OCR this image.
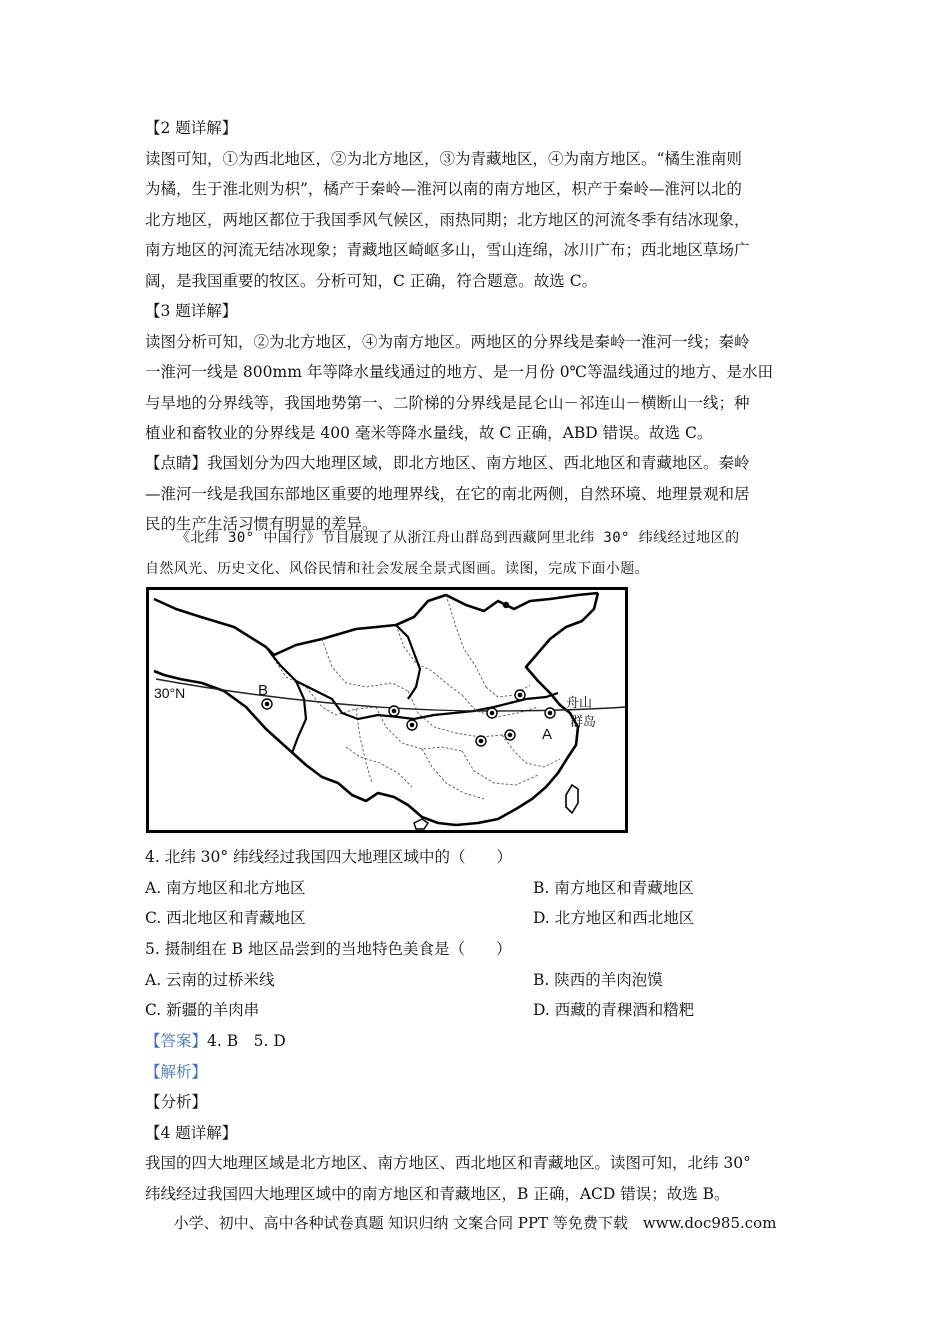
【2 题详解】
读图可知，①为西北地区，②为北方地区，③为青藏地区，④为南方地区。“橘生淮南则
为橘，生于淮北则为枳”，橘产于秦岭—淮河以南的南方地区，枳产于秦岭—淮河以北的
北方地区，两地区都位于我国季风气候区，雨热同期；北方地区的河流冬季有结冰现象，
南方地区的河流无结冰现象；青藏地区崎岖多山，雪山连绵，冰川广布；西北地区草场广
阔，是我国重要的牧区。分析可知，C 正确，符合题意。故选 C。
【3 题详解】
读图分析可知，②为北方地区，④为南方地区。两地区的分界线是秦岭一淮河一线；秦岭
一淮河一线是 800mm 年等降水量线通过的地方、是一月份 0℃等温线通过的地方、是水田
与旱地的分界线等，我国地势第一、二阶梯的分界线是昆仑山－祁连山－横断山一线；种
植业和畜牧业的分界线是 400 毫米等降水量线，故 C 正确，ABD 错误。故选 C。
【点睛】我国划分为四大地理区域，即北方地区、南方地区、西北地区和青藏地区。秦岭
—淮河一线是我国东部地区重要的地理界线，在它的南北两侧，自然环境、地理景观和居
民的生产生活习惯有明显的差异。
《北纬 30° 中国行》节目展现了从浙江舟山群岛到西藏阿里北纬 30° 纬线经过地区的
自然风光、历史文化、风俗民情和社会发展全景式图画。读图，完成下面小题。
30°N	B
A
舟山
群岛
4. 北纬 30° 纬线经过我国四大地理区域中的（　　）
A. 南方地区和北方地区	B. 南方地区和青藏地区
C. 西北地区和青藏地区	D. 北方地区和西北地区
5. 摄制组在 B 地区品尝到的当地特色美食是（　　）
A. 云南的过桥米线	B. 陕西的羊肉泡馍
C. 新疆的羊肉串	D. 西藏的青稞酒和糌粑
【答案】4. B　5. D
【解析】
【分析】
【4 题详解】
我国的四大地理区域是北方地区、南方地区、西北地区和青藏地区。读图可知，北纬 30°
纬线经过我国四大地理区域中的南方地区和青藏地区，B 正确，ACD 错误；故选 B。
小学、初中、高中各种试卷真题 知识归纳 文案合同 PPT 等免费下载　www.doc985.com
